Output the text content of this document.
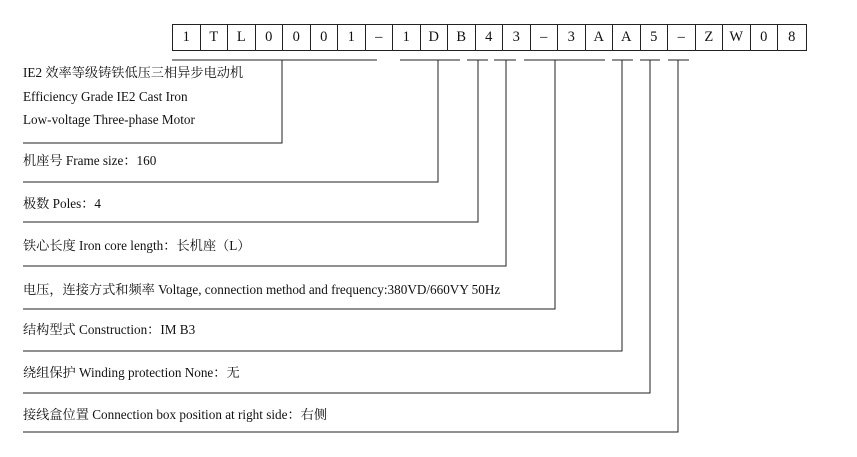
1	T	L	0	0	0	1	–	1	D	B	4	3	–	3	A	A	5	–	Z	W	0	8
IE2 效率等级铸铁低压三相异步电动机
Efficiency Grade IE2 Cast Iron
Low-voltage Three-phase Motor
机座号 Frame size：160
极数 Poles：4
铁心长度 Iron core length：长机座（L）
电压，连接方式和频率 Voltage, connection method and frequency:380VD/660VY 50Hz
结构型式 Construction：IM B3
绕组保护 Winding protection None：无
接线盒位置 Connection box position at right side：右侧
